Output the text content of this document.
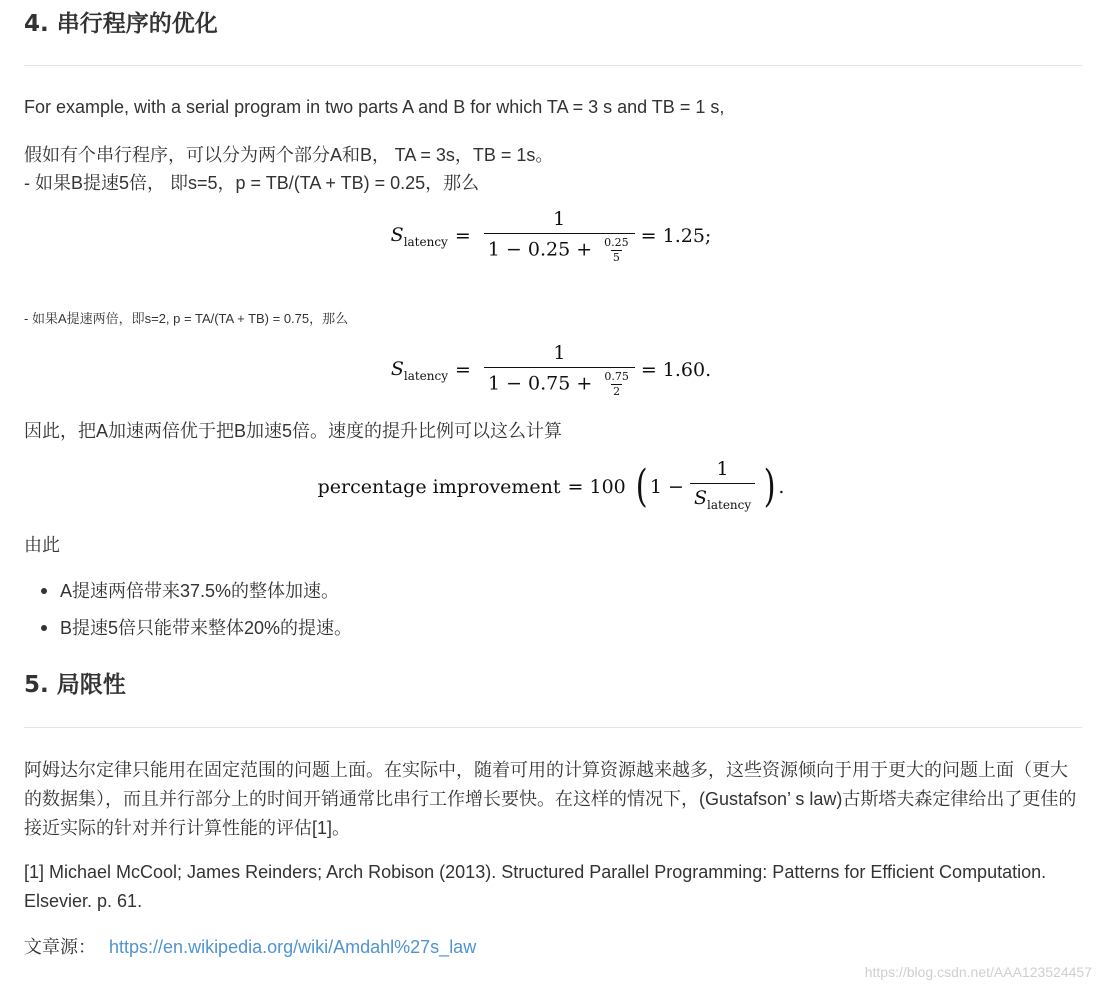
4. 串行程序的优化

For example, with a serial program in two parts A and B for which TA = 3 s and TB = 1 s,

假如有个串行程序，可以分为两个部分A和B， TA = 3s，TB = 1s。

- 如果B提速5倍， 即s=5，p = TB/(TA + TB) = 0.25，那么

$S_{latency} = \frac{1}{1 - 0.25 + \frac{0.25}{5}} = 1.25$;

- 如果A提速两倍，即s=2, p = TA/(TA + TB) = 0.75，那么

$S_{latency} = \frac{1}{1 - 0.75 + \frac{0.75}{2}} = 1.60$.

因此，把A加速两倍优于把B加速5倍。速度的提升比例可以这么计算

percentage improvement = 100 ( $1 - \frac{1}{S_{latency}}$ ) .

由此

A提速两倍带来37.5%的整体加速。
B提速5倍只能带来整体20%的提速。
5. 局限性

阿姆达尔定律只能用在固定范围的问题上面。在实际中，随着可用的计算资源越来越多，这些资源倾向于用于更大的问题上面（更大的数据集），而且并行部分上的时间开销通常比串行工作增长要快。在这样的情况下，(Gustafson’ s law)古斯塔夫森定律给出了更佳的接近实际的针对并行计算性能的评估[1]。

[1] Michael McCool; James Reinders; Arch Robison (2013). Structured Parallel Programming: Patterns for Efficient Computation. Elsevier. p. 61.

文章源： https://en.wikipedia.org/wiki/Amdahl%27s_law

https://blog.csdn.net/AAA123524457
